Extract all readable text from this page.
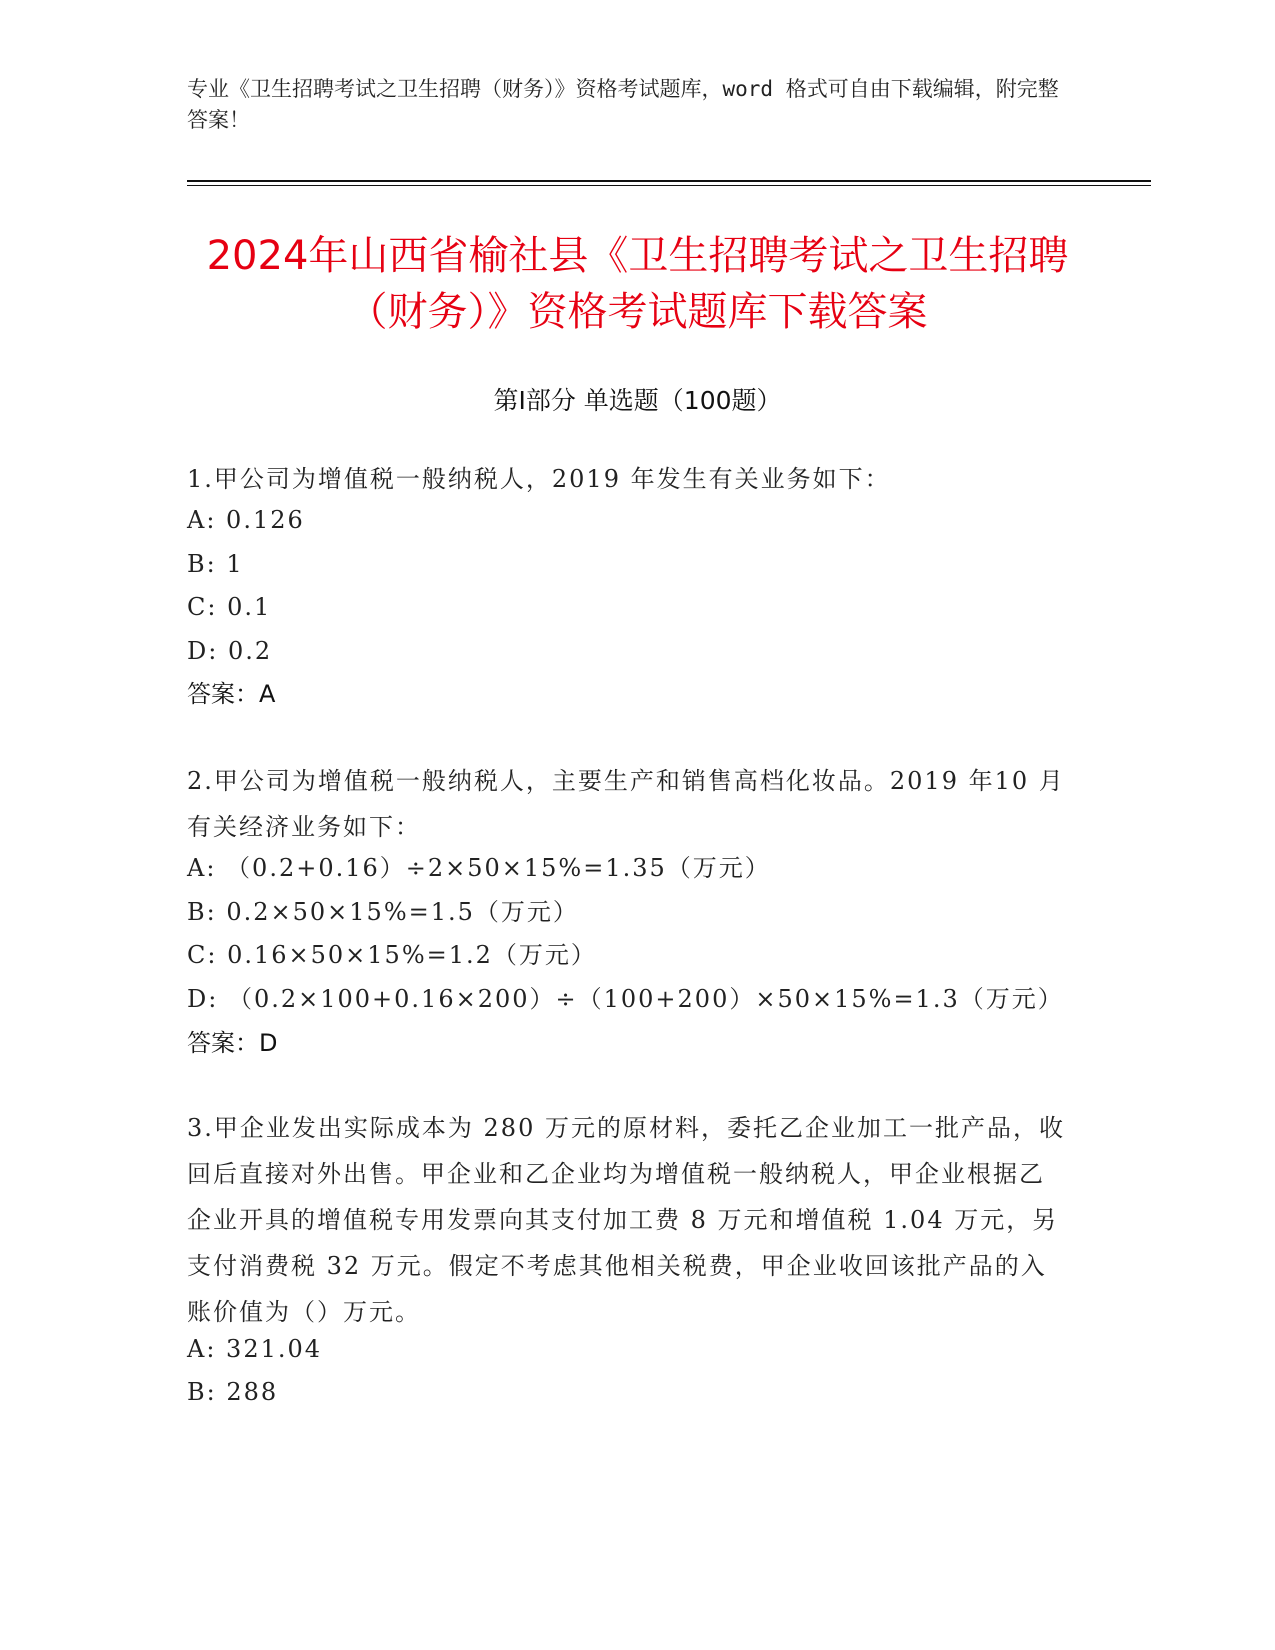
专业《卫生招聘考试之卫生招聘（财务）》资格考试题库，word 格式可自由下载编辑，附完整答案！
2024年山西省榆社县《卫生招聘考试之卫生招聘（财务）》资格考试题库下载答案
第Ⅰ部分 单选题（100题）
1.甲公司为增值税一般纳税人，2019 年发生有关业务如下：
A: 0.126
B: 1
C: 0.1
D: 0.2
答案：A
2.甲公司为增值税一般纳税人，主要生产和销售高档化妆品。2019 年10 月有关经济业务如下：
A: （0.2+0.16）÷2×50×15%=1.35（万元）
B: 0.2×50×15%=1.5（万元）
C: 0.16×50×15%=1.2（万元）
D: （0.2×100+0.16×200）÷（100+200）×50×15%=1.3（万元）
答案：D
3.甲企业发出实际成本为 280 万元的原材料，委托乙企业加工一批产品，收回后直接对外出售。甲企业和乙企业均为增值税一般纳税人，甲企业根据乙企业开具的增值税专用发票向其支付加工费 8 万元和增值税 1.04 万元，另支付消费税 32 万元。假定不考虑其他相关税费，甲企业收回该批产品的入账价值为（）万元。
A: 321.04
B: 288
